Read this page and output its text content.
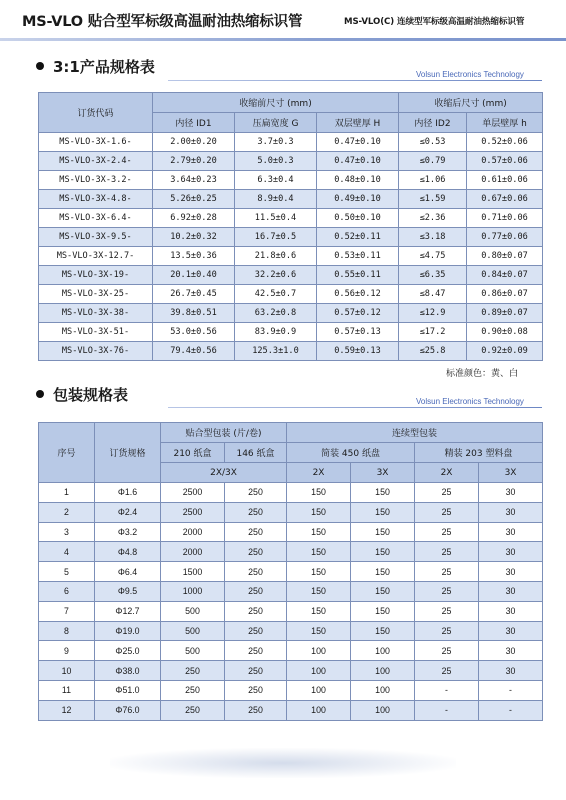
MS-VLO 贴合型军标级高温耐油热缩标识管	MS-VLO(C) 连续型军标级高温耐油热缩标识管
3:1产品规格表	Volsun Electronics Technology
订货代码	收缩前尺寸 (mm)			收缩后尺寸 (mm)	
	内径 ID1	压扁宽度 G	双层壁厚 H	内径 ID2	单层壁厚 h
MS-VLO-3X-1.6-	2.00±0.20	3.7±0.3	0.47±0.10	≤0.53	0.52±0.06
MS-VLO-3X-2.4-	2.79±0.20	5.0±0.3	0.47±0.10	≤0.79	0.57±0.06
MS-VLO-3X-3.2-	3.64±0.23	6.3±0.4	0.48±0.10	≤1.06	0.61±0.06
MS-VLO-3X-4.8-	5.26±0.25	8.9±0.4	0.49±0.10	≤1.59	0.67±0.06
MS-VLO-3X-6.4-	6.92±0.28	11.5±0.4	0.50±0.10	≤2.36	0.71±0.06
MS-VLO-3X-9.5-	10.2±0.32	16.7±0.5	0.52±0.11	≤3.18	0.77±0.06
MS-VLO-3X-12.7-	13.5±0.36	21.8±0.6	0.53±0.11	≤4.75	0.80±0.07
MS-VLO-3X-19-	20.1±0.40	32.2±0.6	0.55±0.11	≤6.35	0.84±0.07
MS-VLO-3X-25-	26.7±0.45	42.5±0.7	0.56±0.12	≤8.47	0.86±0.07
MS-VLO-3X-38-	39.8±0.51	63.2±0.8	0.57±0.12	≤12.9	0.89±0.07
MS-VLO-3X-51-	53.0±0.56	83.9±0.9	0.57±0.13	≤17.2	0.90±0.08
MS-VLO-3X-76-	79.4±0.56	125.3±1.0	0.59±0.13	≤25.8	0.92±0.09
标准颜色：黄、白
包装规格表	Volsun Electronics Technology
序号	订货规格	贴合型包装 (片/卷)		连续型包装			
		210 纸盒	146 纸盒	简装 450 纸盘		精装 203 塑料盘	
		2X/3X		2X	3X	2X	3X
1	Φ1.6	2500	250	150	150	25	30
2	Φ2.4	2500	250	150	150	25	30
3	Φ3.2	2000	250	150	150	25	30
4	Φ4.8	2000	250	150	150	25	30
5	Φ6.4	1500	250	150	150	25	30
6	Φ9.5	1000	250	150	150	25	30
7	Φ12.7	500	250	150	150	25	30
8	Φ19.0	500	250	150	150	25	30
9	Φ25.0	500	250	100	100	25	30
10	Φ38.0	250	250	100	100	25	30
11	Φ51.0	250	250	100	100	-	-
12	Φ76.0	250	250	100	100	-	-
